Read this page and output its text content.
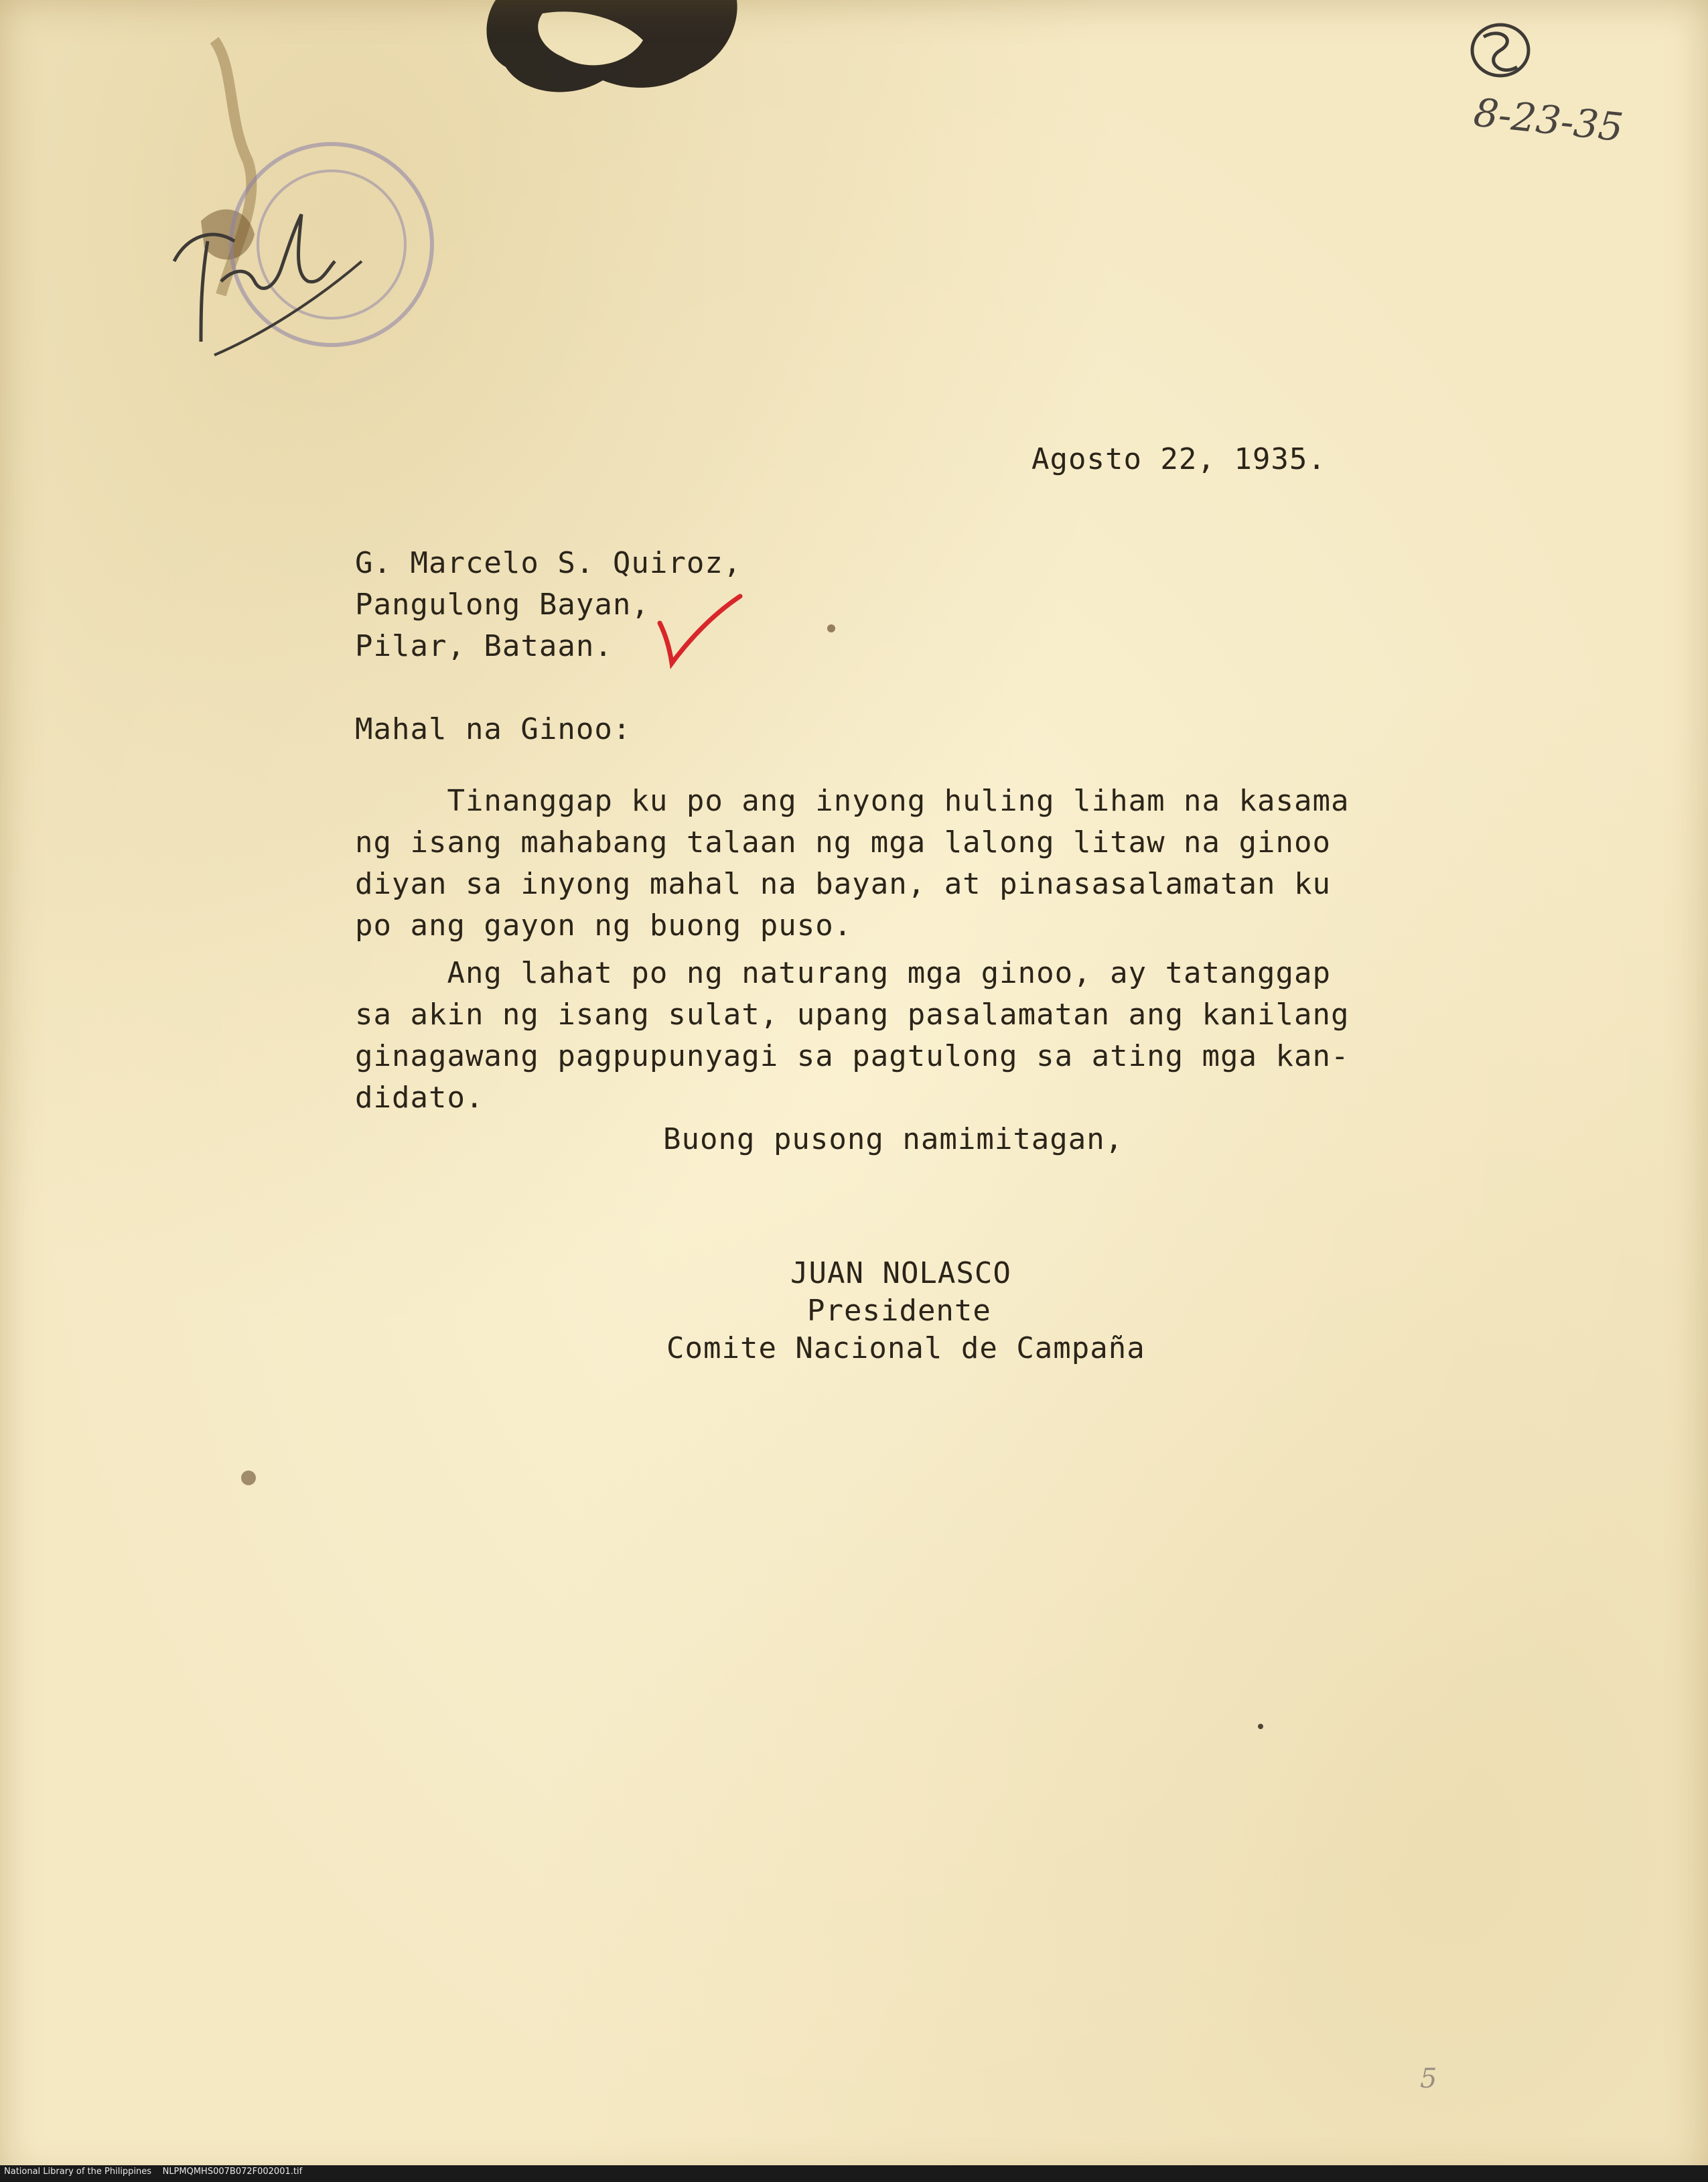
8-23-35
Agosto 22, 1935.
G. Marcelo S. Quiroz,
Pangulong Bayan,
Pilar, Bataan.
Mahal na Ginoo:
Tinanggap ku po ang inyong huling liham na kasama
ng isang mahabang talaan ng mga lalong litaw na ginoo
diyan sa inyong mahal na bayan, at pinasasalamatan ku
po ang gayon ng buong puso.
Ang lahat po ng naturang mga ginoo, ay tatanggap
sa akin ng isang sulat, upang pasalamatan ang kanilang
ginagawang pagpupunyagi sa pagtulong sa ating mga kan-
didato.
Buong pusong namimitagan,
JUAN NOLASCO
Presidente
Comite Nacional de Campaña
5
National Library of the Philippines    NLPMQMHS007B072F002001.tif
